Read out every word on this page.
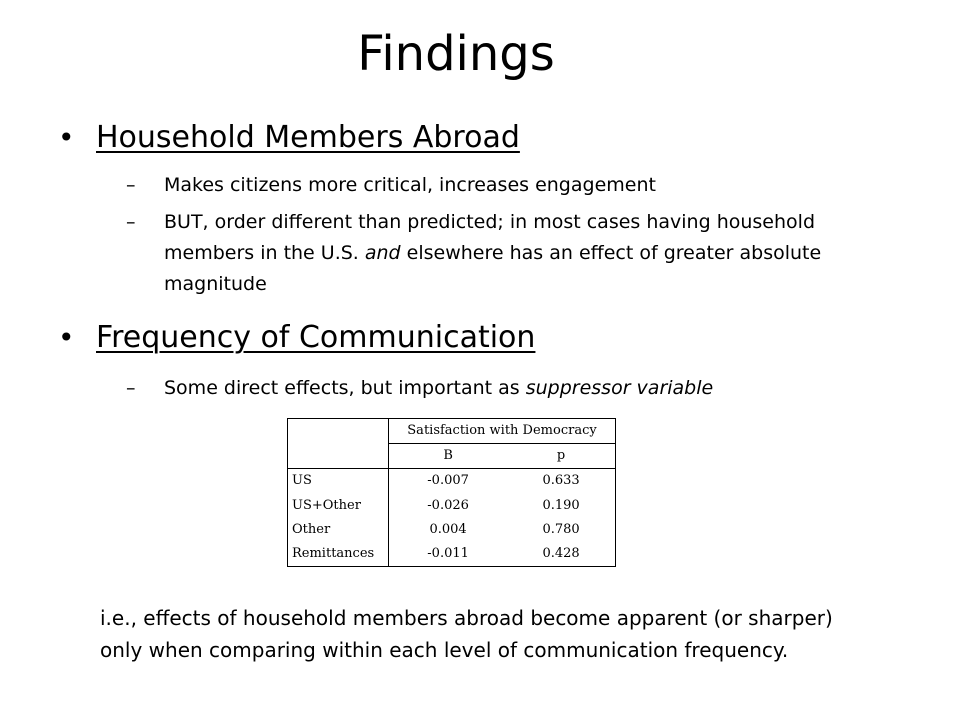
Findings
• Household Members Abroad
– Makes citizens more critical, increases engagement
– BUT, order different than predicted; in most cases having household
members in the U.S. and elsewhere has an effect of greater absolute
magnitude
• Frequency of Communication
– Some direct effects, but important as suppressor variable
	Satisfaction with Democracy	
	B	p
US	-0.007	0.633
US+Other	-0.026	0.190
Other	0.004	0.780
Remittances	-0.011	0.428
i.e., effects of household members abroad become apparent (or sharper)
only when comparing within each level of communication frequency.
